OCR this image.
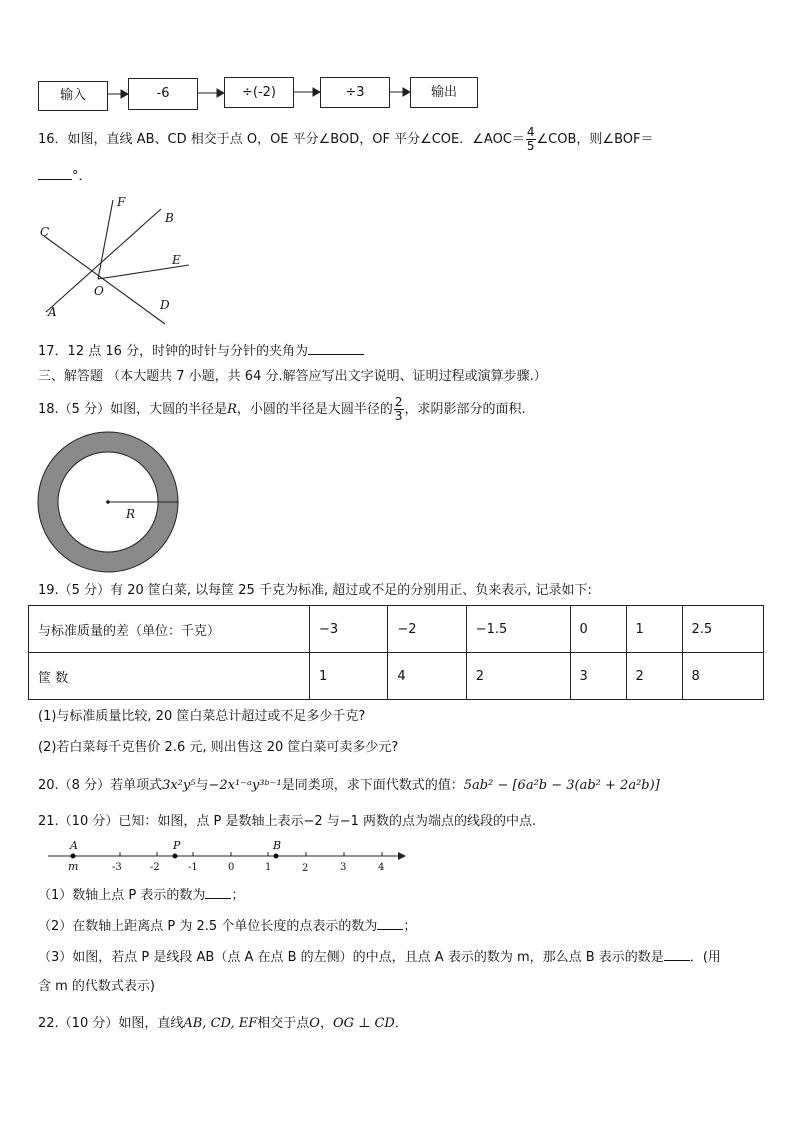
输入	-6	÷(-2)	÷3	输出
16．如图，直线 AB、CD 相交于点 O，OE 平分∠BOD，OF 平分∠COE．∠AOC＝ $\frac{4}{5}$ ∠COB，则∠BOF＝
°．
F
B
C
E
O
D
A
17．12 点 16 分，时钟的时针与分针的夹角为
三、解答题 （本大题共 7 小题，共 64 分.解答应写出文字说明、证明过程或演算步骤.）
18.（5 分）如图，大圆的半径是R，小圆的半径是大圆半径的 $\frac{2}{3}$ ，求阴影部分的面积.
R
19.（5 分）有 20 筐白菜, 以每筐 25 千克为标准, 超过或不足的分别用正、负来表示, 记录如下:
与标准质量的差（单位：千克）	−3	−2	−1.5	0	1	2.5
筐 数	1	4	2	3	2	8
(1)与标准质量比较, 20 筐白菜总计超过或不足多少千克?
(2)若白菜每千克售价 2.6 元, 则出售这 20 筐白菜可卖多少元?
20.（8 分）若单项式3x²y⁵与−2x¹⁻ᵃy³ᵇ⁻¹是同类项，求下面代数式的值：5ab² − [6a²b − 3(ab² + 2a²b)]
21.（10 分）已知：如图，点 P 是数轴上表示−2 与−1 两数的点为端点的线段的中点.
-3	-2	-1	0	1	2	3	4
A
m
P	B
（1）数轴上点 P 表示的数为 ；
（2）在数轴上距离点 P 为 2.5 个单位长度的点表示的数为 ；
（3）如图，若点 P 是线段 AB（点 A 在点 B 的左侧）的中点，且点 A 表示的数为 m，那么点 B 表示的数是 ．(用
含 m 的代数式表示)
22.（10 分）如图，直线AB, CD, EF相交于点O，OG ⊥ CD．
